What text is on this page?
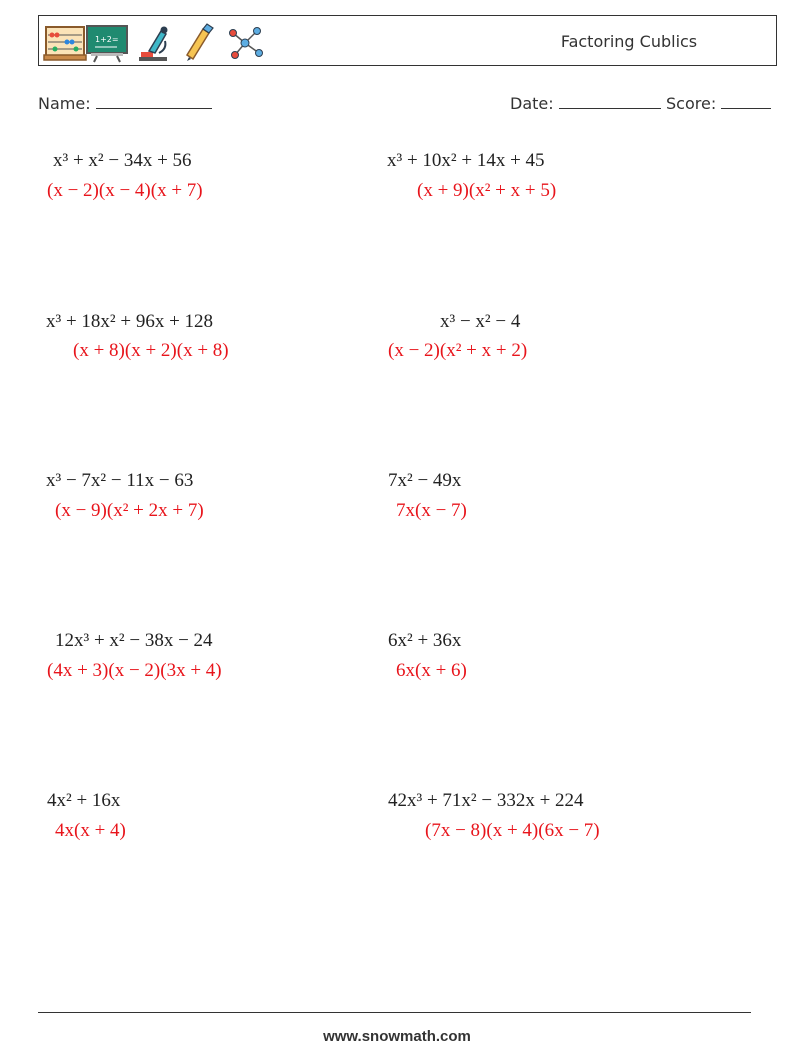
1+2=	Factoring Cublics
Name:	Date:	Score:
x³ + x² − 34x + 56
(x − 2)(x − 4)(x + 7)
x³ + 10x² + 14x + 45
(x + 9)(x² + x + 5)
x³ + 18x² + 96x + 128
(x + 8)(x + 2)(x + 8)
x³ − x² − 4
(x − 2)(x² + x + 2)
x³ − 7x² − 11x − 63
(x − 9)(x² + 2x + 7)
7x² − 49x
7x(x − 7)
12x³ + x² − 38x − 24
(4x + 3)(x − 2)(3x + 4)
6x² + 36x
6x(x + 6)
4x² + 16x
4x(x + 4)
42x³ + 71x² − 332x + 224
(7x − 8)(x + 4)(6x − 7)
www.snowmath.com
